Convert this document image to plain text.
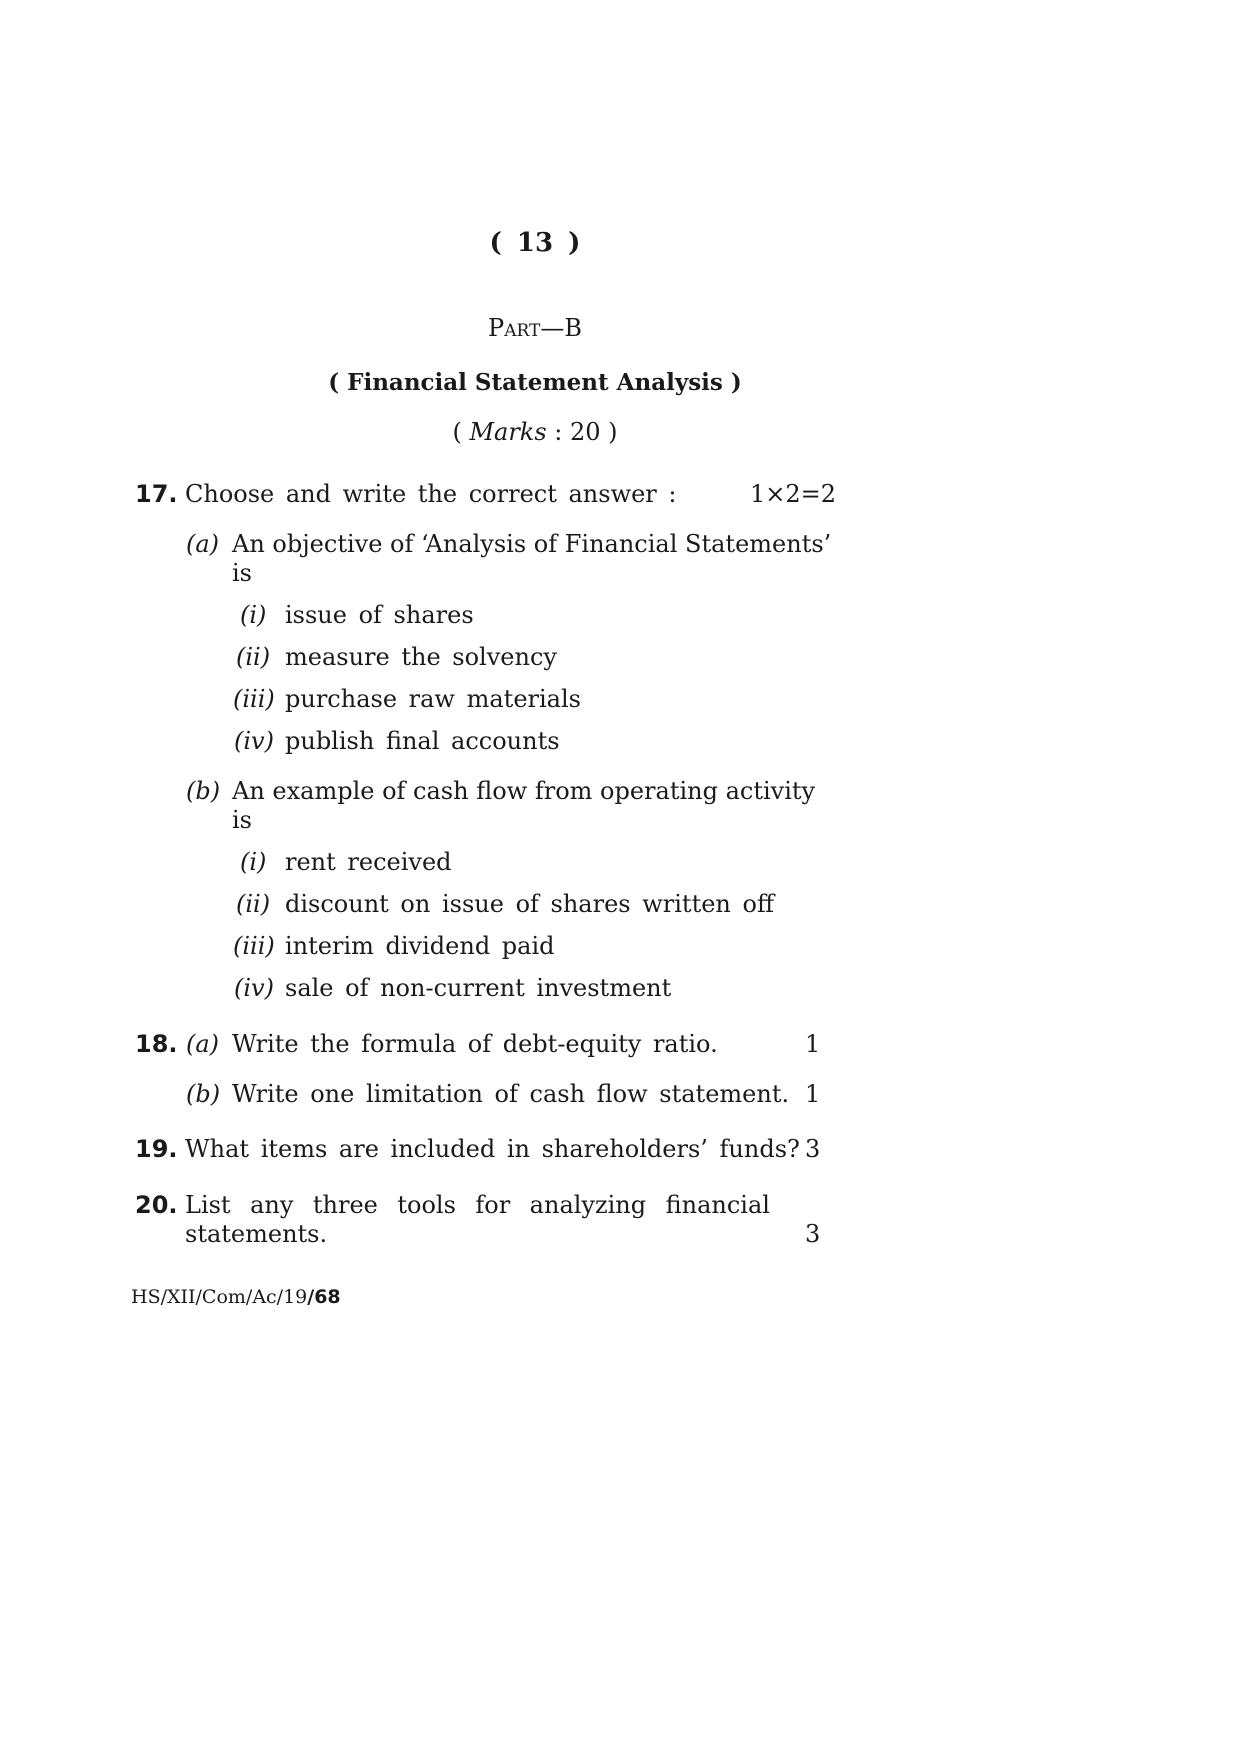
( 13 )
Part—B
( Financial Statement Analysis )
( Marks : 20 )
17. Choose and write the correct answer :	1×2=2
(a) An objective of ‘Analysis of Financial Statements’
is
(i) issue of shares
(ii) measure the solvency
(iii) purchase raw materials
(iv) publish final accounts
(b) An example of cash flow from operating activity
is
(i) rent received
(ii) discount on issue of shares written off
(iii) interim dividend paid
(iv) sale of non-current investment
18. (a) Write the formula of debt-equity ratio.	1
(b) Write one limitation of cash flow statement. 1
19. What items are included in shareholders’ funds? 3
20. List any three tools for analyzing financial
statements.	3
HS/XII/Com/Ac/19/68
